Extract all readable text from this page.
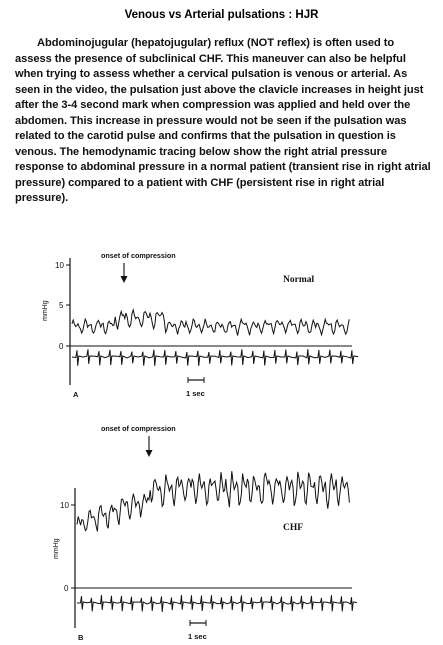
Venous vs Arterial pulsations : HJR
Abdominojugular (hepatojugular) reflux (NOT reflex) is often used to assess the presence of subclinical CHF. This maneuver can also be helpful when trying to assess whether a cervical pulsation is venous or arterial. As seen in the video, the pulsation just above the clavicle increases in height just after the 3-4 second mark when compression was applied and held over the abdomen. This increase in pressure would not be seen if the pulsation was related to the carotid pulse and confirms that the pulsation in question is venous. The hemodynamic tracing below show the right atrial pressure response to abdominal pressure in a normal patient (transient rise in right atrial pressure) compared to a patient with CHF (persistent rise in right atrial pressure).
10
5
0
mmHg
onset of compression
Normal
1 sec
A
10
0
mmHg
onset of compression
CHF
1 sec
B
